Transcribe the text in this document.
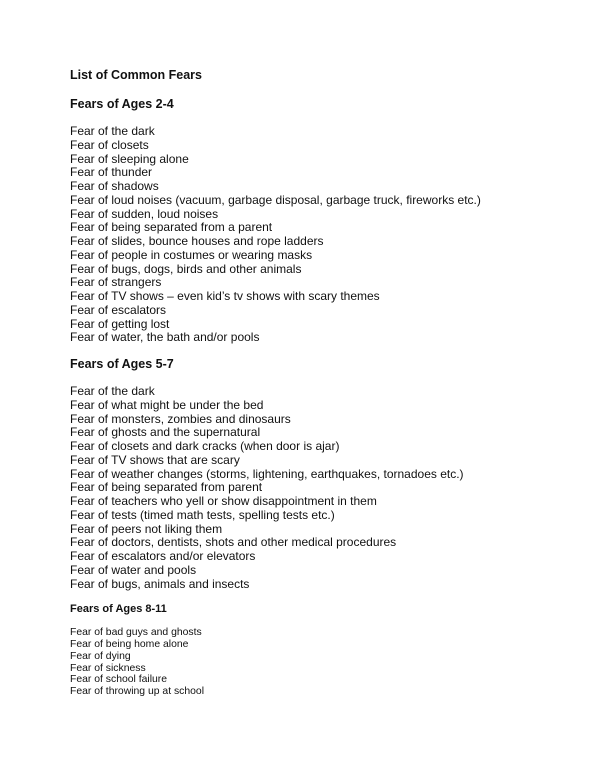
List of Common Fears
Fears of Ages 2-4
Fear of the dark
Fear of closets
Fear of sleeping alone
Fear of thunder
Fear of shadows
Fear of loud noises (vacuum, garbage disposal, garbage truck, fireworks etc.)
Fear of sudden, loud noises
Fear of being separated from a parent
Fear of slides, bounce houses and rope ladders
Fear of people in costumes or wearing masks
Fear of bugs, dogs, birds and other animals
Fear of strangers
Fear of TV shows – even kid’s tv shows with scary themes
Fear of escalators
Fear of getting lost
Fear of water, the bath and/or pools
Fears of Ages 5-7
Fear of the dark
Fear of what might be under the bed
Fear of monsters, zombies and dinosaurs
Fear of ghosts and the supernatural
Fear of closets and dark cracks (when door is ajar)
Fear of TV shows that are scary
Fear of weather changes (storms, lightening, earthquakes, tornadoes etc.)
Fear of being separated from parent
Fear of teachers who yell or show disappointment in them
Fear of tests (timed math tests, spelling tests etc.)
Fear of peers not liking them
Fear of doctors, dentists, shots and other medical procedures
Fear of escalators and/or elevators
Fear of water and pools
Fear of bugs, animals and insects
Fears of Ages 8-11
Fear of bad guys and ghosts
Fear of being home alone
Fear of dying
Fear of sickness
Fear of school failure
Fear of throwing up at school
